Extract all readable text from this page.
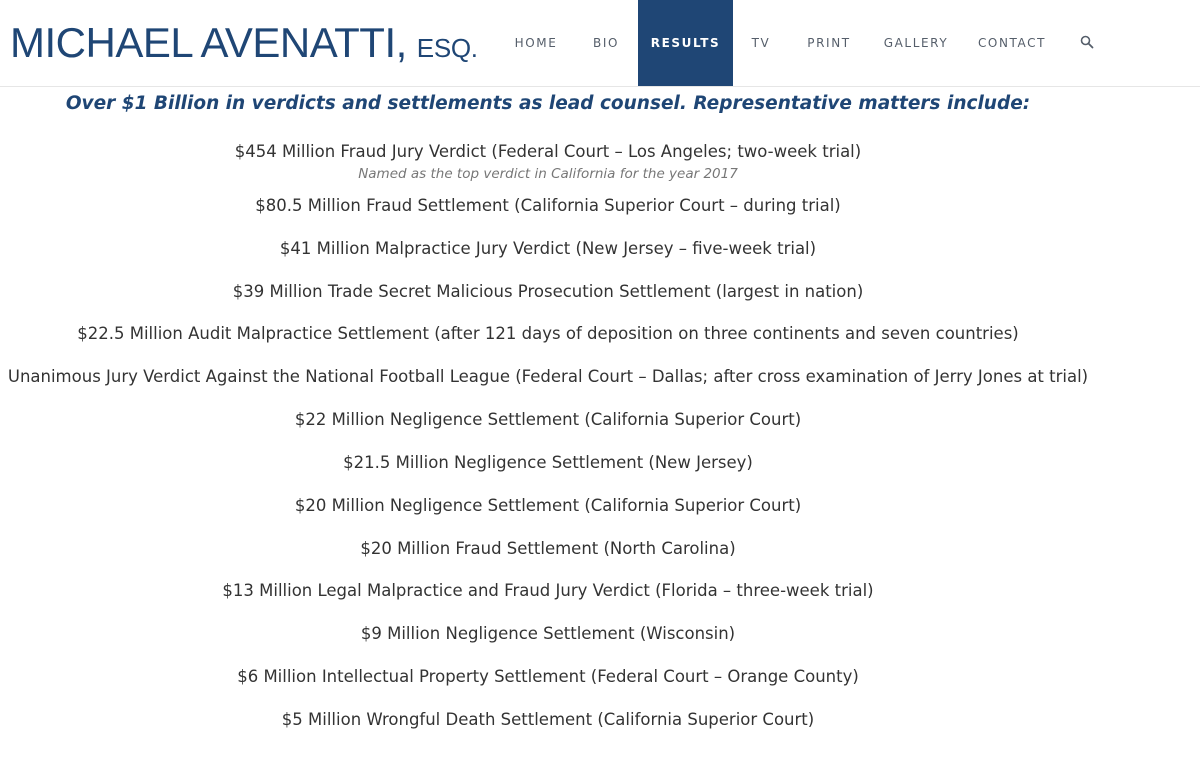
MICHAEL AVENATTI, ESQ.	HOME	BIO	RESULTS	TV	PRINT	GALLERY	CONTACT
Over $1 Billion in verdicts and settlements as lead counsel. Representative matters include:
$454 Million Fraud Jury Verdict (Federal Court – Los Angeles; two-week trial)
Named as the top verdict in California for the year 2017
$80.5 Million Fraud Settlement (California Superior Court – during trial)
$41 Million Malpractice Jury Verdict (New Jersey – five-week trial)
$39 Million Trade Secret Malicious Prosecution Settlement (largest in nation)
$22.5 Million Audit Malpractice Settlement (after 121 days of deposition on three continents and seven countries)
Unanimous Jury Verdict Against the National Football League (Federal Court – Dallas; after cross examination of Jerry Jones at trial)
$22 Million Negligence Settlement (California Superior Court)
$21.5 Million Negligence Settlement (New Jersey)
$20 Million Negligence Settlement (California Superior Court)
$20 Million Fraud Settlement (North Carolina)
$13 Million Legal Malpractice and Fraud Jury Verdict (Florida – three-week trial)
$9 Million Negligence Settlement (Wisconsin)
$6 Million Intellectual Property Settlement (Federal Court – Orange County)
$5 Million Wrongful Death Settlement (California Superior Court)
